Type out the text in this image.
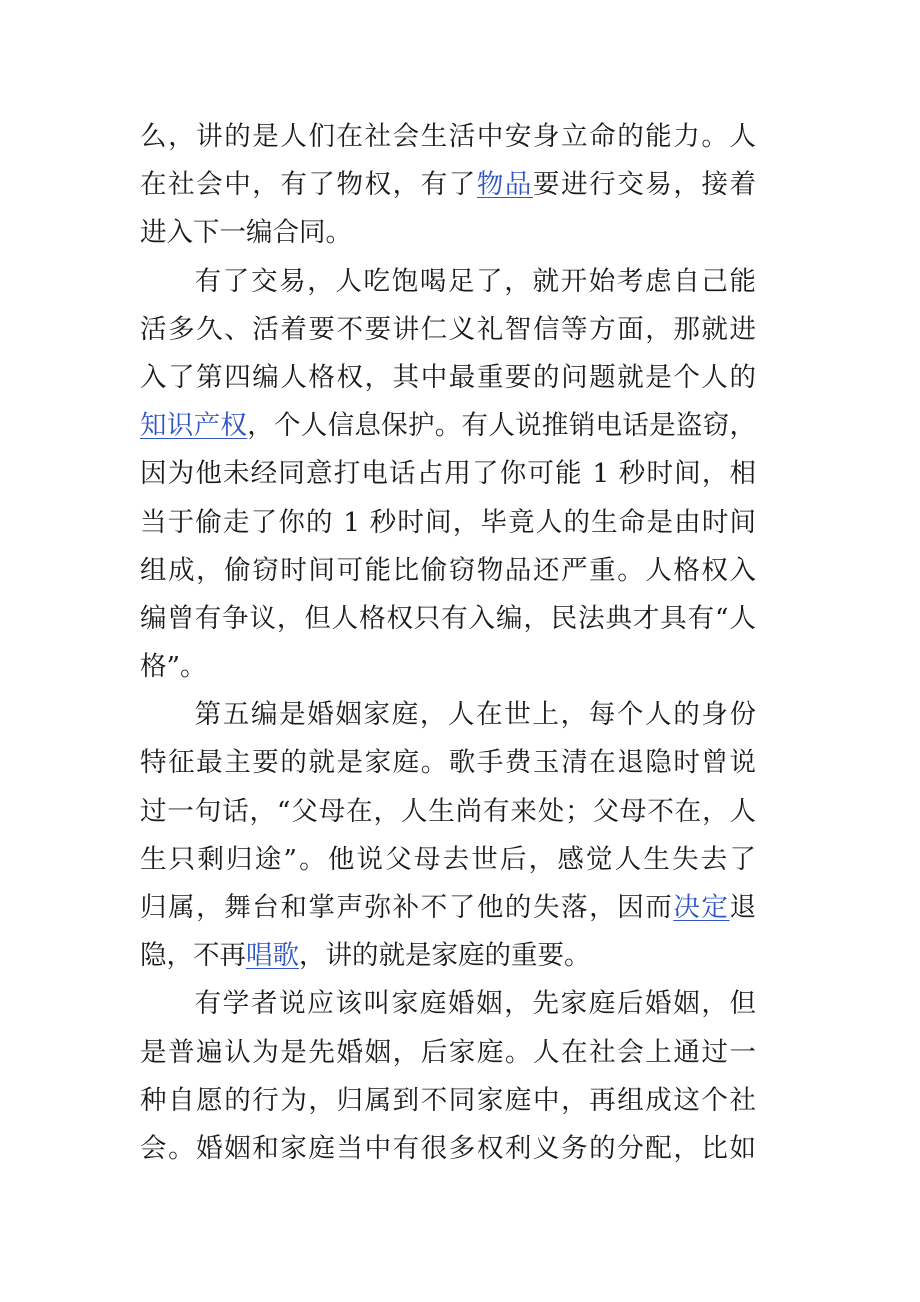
么，讲的是人们在社会生活中安身立命的能力。人
在社会中，有了物权，有了物品要进行交易，接着
进入下一编合同。
有了交易，人吃饱喝足了，就开始考虑自己能
活多久、活着要不要讲仁义礼智信等方面，那就进
入了第四编人格权，其中最重要的问题就是个人的
知识产权，个人信息保护。有人说推销电话是盗窃，
因为他未经同意打电话占用了你可能 1 秒时间，相
当于偷走了你的 1 秒时间，毕竟人的生命是由时间
组成，偷窃时间可能比偷窃物品还严重。人格权入
编曾有争议，但人格权只有入编，民法典才具有“人
格”。
第五编是婚姻家庭，人在世上，每个人的身份
特征最主要的就是家庭。歌手费玉清在退隐时曾说
过一句话，“父母在，人生尚有来处；父母不在，人
生只剩归途”。他说父母去世后，感觉人生失去了
归属，舞台和掌声弥补不了他的失落，因而决定退
隐，不再唱歌，讲的就是家庭的重要。
有学者说应该叫家庭婚姻，先家庭后婚姻，但
是普遍认为是先婚姻，后家庭。人在社会上通过一
种自愿的行为，归属到不同家庭中，再组成这个社
会。婚姻和家庭当中有很多权利义务的分配，比如
